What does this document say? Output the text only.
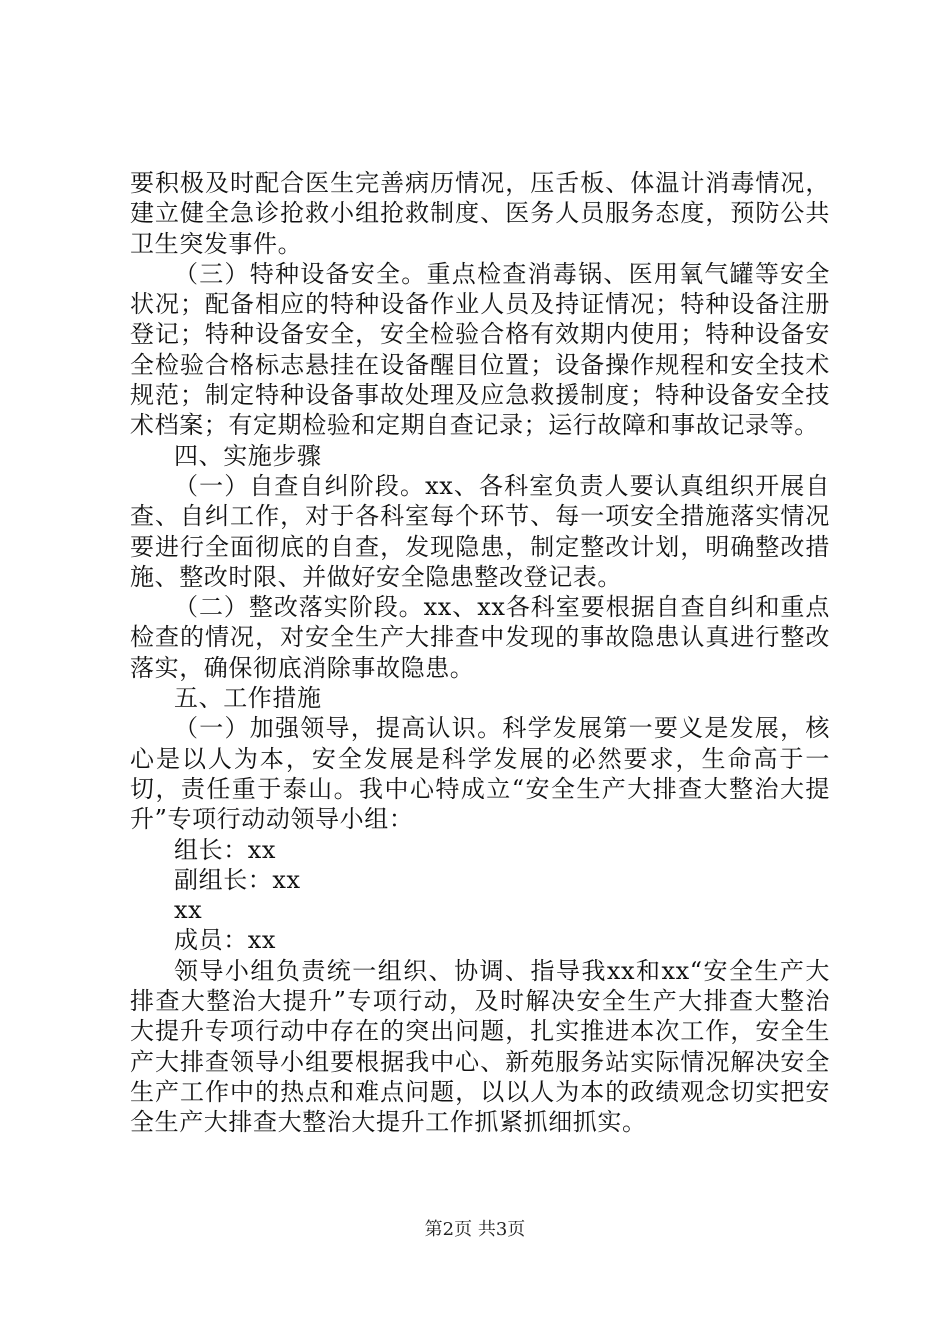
要积极及时配合医生完善病历情况，压舌板、体温计消毒情况，建立健全急诊抢救小组抢救制度、医务人员服务态度，预防公共卫生突发事件。

（三）特种设备安全。重点检查消毒锅、医用氧气罐等安全状况；配备相应的特种设备作业人员及持证情况；特种设备注册登记；特种设备安全，安全检验合格有效期内使用；特种设备安全检验合格标志悬挂在设备醒目位置；设备操作规程和安全技术规范；制定特种设备事故处理及应急救援制度；特种设备安全技术档案；有定期检验和定期自查记录；运行故障和事故记录等。

四、实施步骤

（一）自查自纠阶段。xx、各科室负责人要认真组织开展自查、自纠工作，对于各科室每个环节、每一项安全措施落实情况要进行全面彻底的自查，发现隐患，制定整改计划，明确整改措施、整改时限、并做好安全隐患整改登记表。

（二）整改落实阶段。xx、xx各科室要根据自查自纠和重点检查的情况，对安全生产大排查中发现的事故隐患认真进行整改落实，确保彻底消除事故隐患。

五、工作措施

（一）加强领导，提高认识。科学发展第一要义是发展，核心是以人为本，安全发展是科学发展的必然要求，生命高于一切，责任重于泰山。我中心特成立“安全生产大排查大整治大提升”专项行动动领导小组：

组长：xx

副组长：xx

xx

成员：xx

领导小组负责统一组织、协调、指导我xx和xx“安全生产大排查大整治大提升”专项行动，及时解决安全生产大排查大整治大提升专项行动中存在的突出问题，扎实推进本次工作，安全生产大排查领导小组要根据我中心、新苑服务站实际情况解决安全生产工作中的热点和难点问题，以以人为本的政绩观念切实把安全生产大排查大整治大提升工作抓紧抓细抓实。

第2页 共3页
